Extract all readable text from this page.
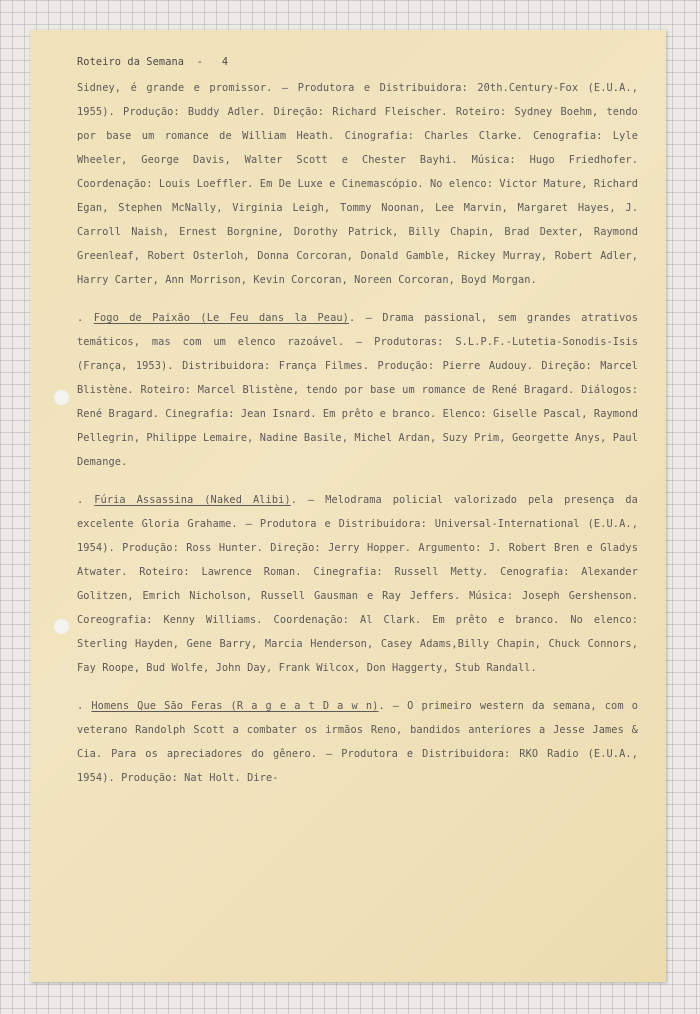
Roteiro da Semana  -   4

Sidney, é grande e promissor. — Produtora e Distribuidora: 20th.Century-Fox (E.U.A., 1955). Produção: Buddy Adler. Direção: Richard Fleischer. Roteiro: Sydney Boehm, tendo por base um romance de William Heath. Cinografia: Charles Clarke. Cenografia: Lyle Wheeler, George Davis, Walter Scott e Chester Bayhi. Música: Hugo Friedhofer. Coordenação: Louis Loeffler. Em De Luxe e Cinemascópio. No elenco: Victor Mature, Richard Egan, Stephen McNally, Virginia Leigh, Tommy Noonan, Lee Marvin, Margaret Hayes, J. Carroll Naish, Ernest Borgnine, Dorothy Patrick, Billy Chapin, Brad Dexter, Raymond Greenleaf, Robert Osterloh, Donna Corcoran, Donald Gamble, Rickey Murray, Robert Adler, Harry Carter, Ann Morrison, Kevin Corcoran, Noreen Corcoran, Boyd Morgan.

. Fogo de Paixão (Le Feu dans la Peau). — Drama passional, sem grandes atrativos temáticos, mas com um elenco razoável. — Produtoras: S.L.P.F.-Lutetia-Sonodis-Isis (França, 1953). Distribuidora: França Filmes. Produção: Pierre Audouy. Direção: Marcel Blistène. Roteiro: Marcel Blistène, tendo por base um romance de René Bragard. Diálogos: René Bragard. Cinegrafia: Jean Isnard. Em prêto e branco. Elenco: Giselle Pascal, Raymond Pellegrin, Philippe Lemaire, Nadine Basile, Michel Ardan, Suzy Prim, Georgette Anys, Paul Demange.

. Fúria Assassina (Naked Alibi). — Melodrama policial valorizado pela presença da excelente Gloria Grahame. — Produtora e Distribuidora: Universal-International (E.U.A., 1954). Produção: Ross Hunter. Direção: Jerry Hopper. Argumento: J. Robert Bren e Gladys Atwater. Roteiro: Lawrence Roman. Cinegrafia: Russell Metty. Cenografia: Alexander Golitzen, Emrich Nicholson, Russell Gausman e Ray Jeffers. Música: Joseph Gershenson. Coreografia: Kenny Williams. Coordenação: Al Clark. Em prêto e branco. No elenco: Sterling Hayden, Gene Barry, Marcia Henderson, Casey Adams,Billy Chapin, Chuck Connors, Fay Roope, Bud Wolfe, John Day, Frank Wilcox, Don Haggerty, Stub Randall.

. Homens Que São Feras (R a g e a t D a w n). — O primeiro western da semana, com o veterano Randolph Scott a combater os irmãos Reno, bandidos anteriores a Jesse James & Cia. Para os apreciadores do gênero. — Produtora e Distribuidora: RKO Radio (E.U.A., 1954). Produção: Nat Holt. Dire-
